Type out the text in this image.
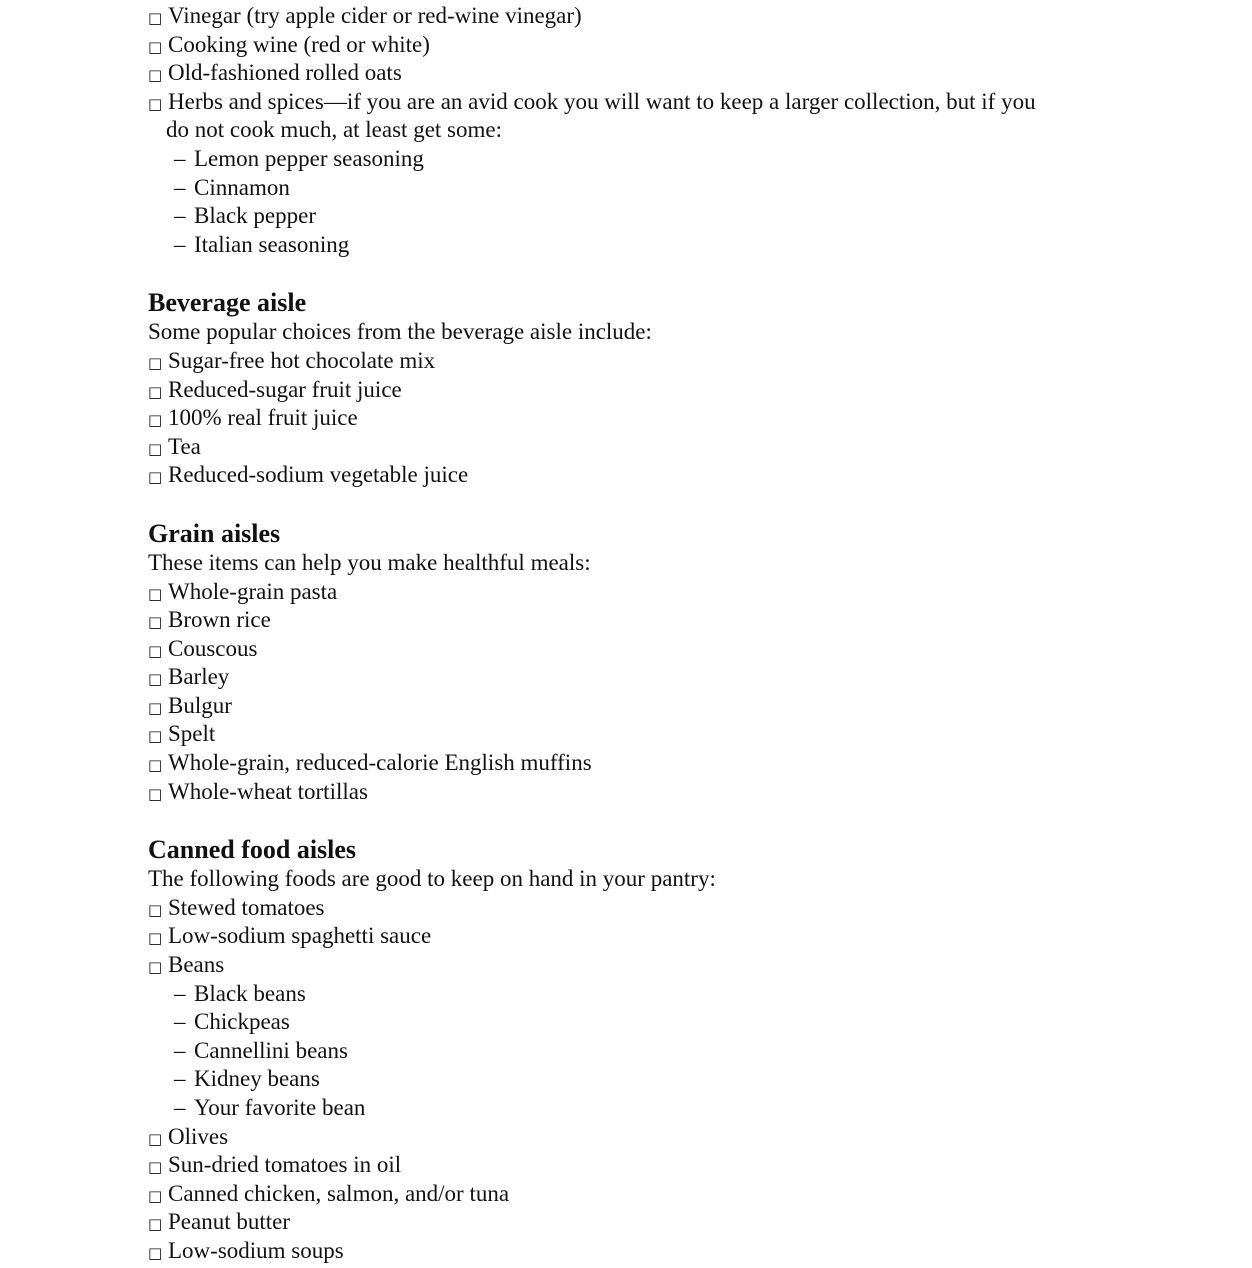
□ Vinegar (try apple cider or red-wine vinegar)
□ Cooking wine (red or white)
□ Old-fashioned rolled oats
□ Herbs and spices—if you are an avid cook you will want to keep a larger collection, but if you
do not cook much, at least get some:
– Lemon pepper seasoning
– Cinnamon
– Black pepper
– Italian seasoning
Beverage aisle
Some popular choices from the beverage aisle include:
□ Sugar-free hot chocolate mix
□ Reduced-sugar fruit juice
□ 100% real fruit juice
□ Tea
□ Reduced-sodium vegetable juice
Grain aisles
These items can help you make healthful meals:
□ Whole-grain pasta
□ Brown rice
□ Couscous
□ Barley
□ Bulgur
□ Spelt
□ Whole-grain, reduced-calorie English muffins
□ Whole-wheat tortillas
Canned food aisles
The following foods are good to keep on hand in your pantry:
□ Stewed tomatoes
□ Low-sodium spaghetti sauce
□ Beans
– Black beans
– Chickpeas
– Cannellini beans
– Kidney beans
– Your favorite bean
□ Olives
□ Sun-dried tomatoes in oil
□ Canned chicken, salmon, and/or tuna
□ Peanut butter
□ Low-sodium soups
